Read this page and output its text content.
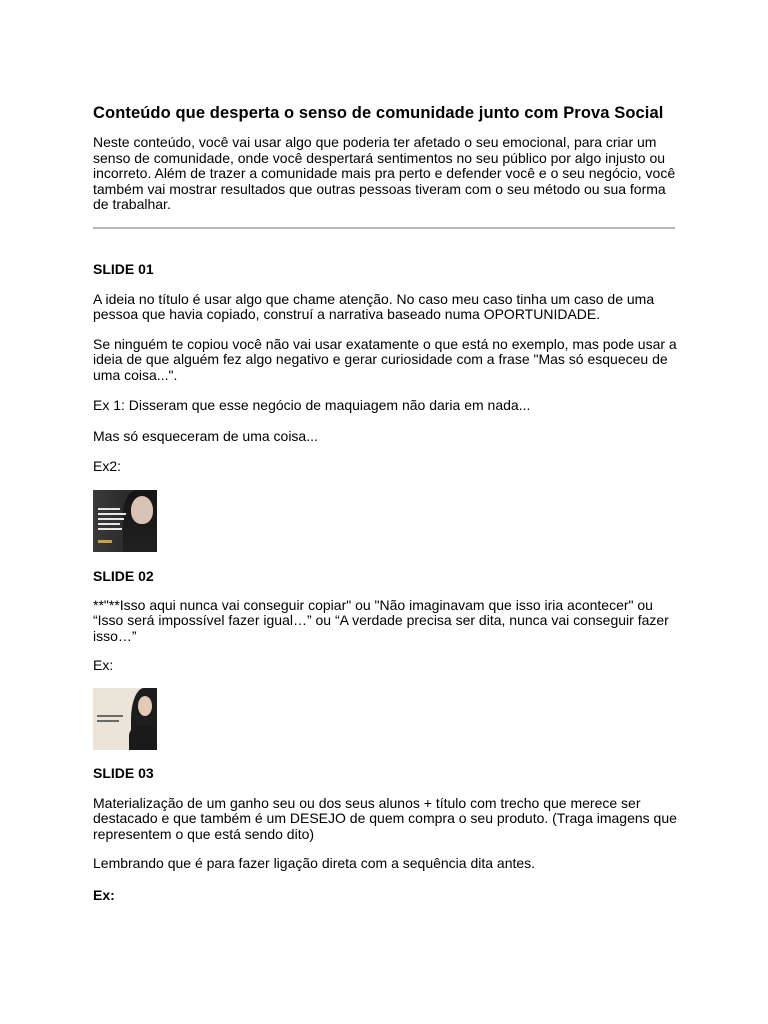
Conteúdo que desperta o senso de comunidade junto com Prova Social

Neste conteúdo, você vai usar algo que poderia ter afetado o seu emocional, para criar um senso de comunidade, onde você despertará sentimentos no seu público por algo injusto ou incorreto. Além de trazer a comunidade mais pra perto e defender você e o seu negócio, você também vai mostrar resultados que outras pessoas tiveram com o seu método ou sua forma de trabalhar.

SLIDE 01

A ideia no título é usar algo que chame atenção. No caso meu caso tinha um caso de uma pessoa que havia copiado, construí a narrativa baseado numa OPORTUNIDADE.

Se ninguém te copiou você não vai usar exatamente o que está no exemplo, mas pode usar a ideia de que alguém fez algo negativo e gerar curiosidade com a frase "Mas só esqueceu de uma coisa...".

Ex 1: Disseram que esse negócio de maquiagem não daria em nada...

Mas só esqueceram de uma coisa...

Ex2:

SLIDE 02

**"**Isso aqui nunca vai conseguir copiar" ou "Não imaginavam que isso iria acontecer" ou “Isso será impossível fazer igual…” ou “A verdade precisa ser dita, nunca vai conseguir fazer isso…”

Ex:

SLIDE 03

Materialização de um ganho seu ou dos seus alunos + título com trecho que merece ser destacado e que também é um DESEJO de quem compra o seu produto. (Traga imagens que representem o que está sendo dito)

Lembrando que é para fazer ligação direta com a sequência dita antes.

Ex:
